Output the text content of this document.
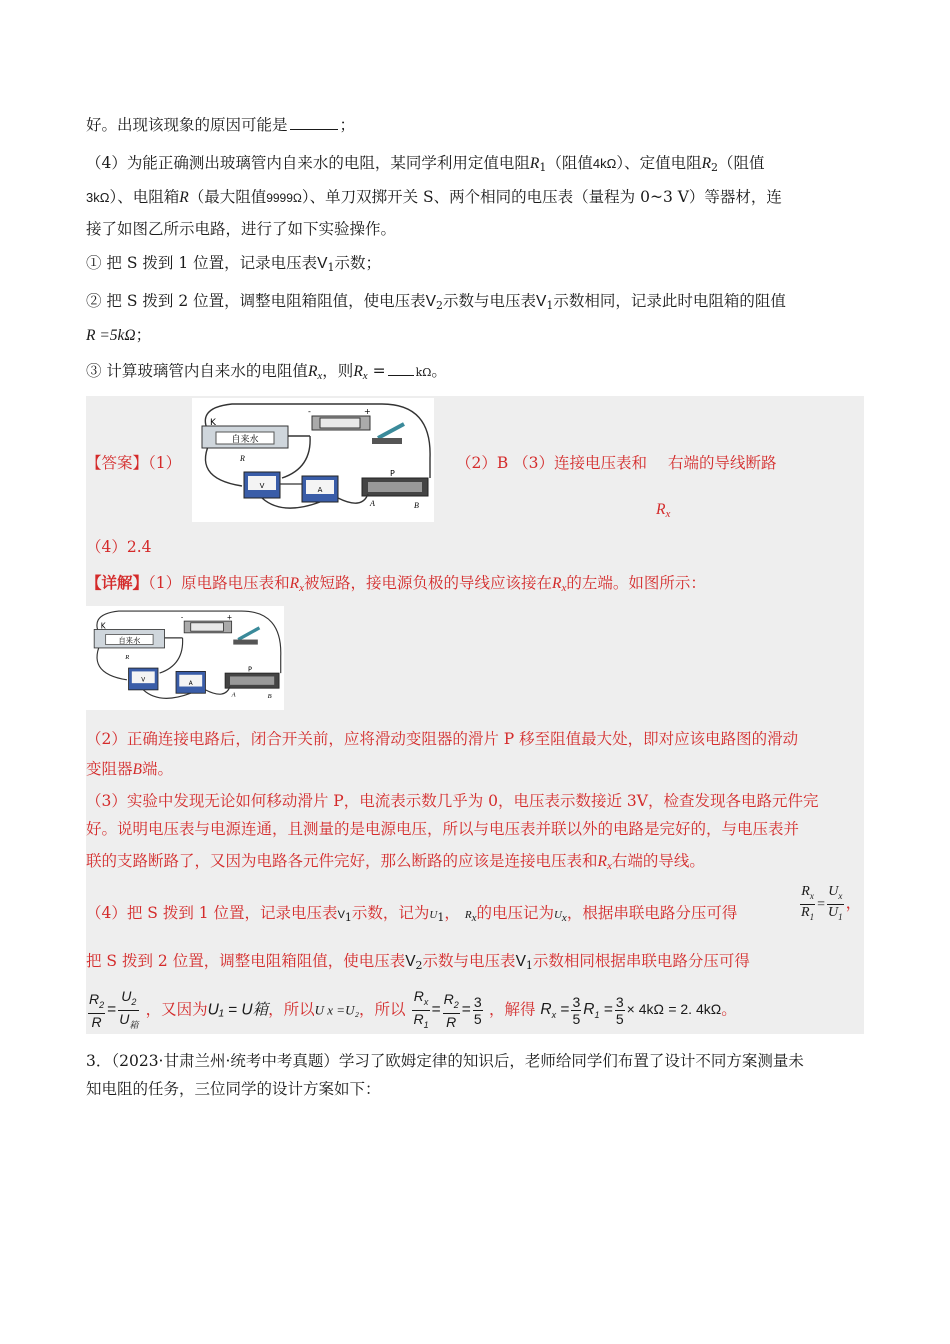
好。出现该现象的原因可能是	；
（4）为能正确测出玻璃管内自来水的电阻，某同学利用定值电阻$R_1$（阻值4kΩ）、定值电阻$R_2$（阻值
3kΩ）、电阻箱R（最大阻值9999Ω）、单刀双掷开关 S、两个相同的电压表（量程为 0~3 V）等器材，连
接了如图乙所示电路，进行了如下实验操作。
① 把 S 拨到 1 位置，记录电压表$V_1$示数；
② 把 S 拨到 2 位置，调整电阻箱阻值，使电压表$V_2$示数与电压表$V_1$示数相同，记录此时电阻箱的阻值
R =5kΩ；
③ 计算玻璃管内自来水的电阻值$R_x$，则$R_x$ =	kΩ。
自来水
K
R
+
-
V	A
P
A	B
【答案】（1）	（2）B （3）连接电压表和 右端的导线断路
$R_x$
（4）2.4
【详解】（1）原电路电压表和$R_x$被短路，接电源负极的导线应该接在$R_x$的左端。如图所示：
自来水
K
R
+
-
V
A
P
A	B
（2）正确连接电路后，闭合开关前，应将滑动变阻器的滑片 P 移至阻值最大处，即对应该电路图的滑动
变阻器B端。
（3）实验中发现无论如何移动滑片 P，电流表示数几乎为 0，电压表示数接近 3V，检查发现各电路元件完
好。说明电压表与电源连通，且测量的是电源电压，所以与电压表并联以外的电路是完好的，与电压表并
联的支路断路了，又因为电路各元件完好，那么断路的应该是连接电压表和$R_x$右端的导线。
（4）把 S 拨到 1 位置，记录电压表$V_1$示数，记为$U_1$， $R_x$的电压记为$U_x$，根据串联电路分压可得	$\frac{R_x}{R_1} = \frac{U_x}{U_1}$ ，
把 S 拨到 2 位置，调整电阻箱阻值，使电压表$V_2$示数与电压表$V_1$示数相同根据串联电路分压可得
$\frac{R_2}{R} = \frac{U_2}{U_箱}$ ，又因为U₁ = U箱，所以U x =U₂，所以 $\frac{R_x}{R_1} = \frac{R_2}{R} = \frac{3}{5}$ ，解得 $R_x = \frac{3}{5} R_1 = \frac{3}{5} \times 4k\Omega = 2$. 4kΩ。
3．（2023·甘肃兰州·统考中考真题）学习了欧姆定律的知识后，老师给同学们布置了设计不同方案测量未
知电阻的任务，三位同学的设计方案如下：
